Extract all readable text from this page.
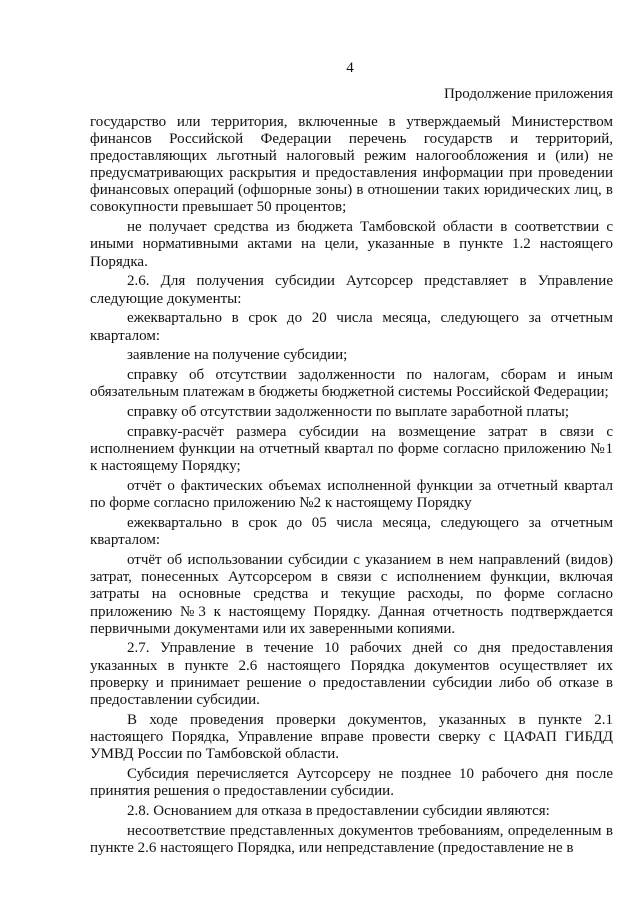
4
Продолжение приложения

государство или территория, включенные в утверждаемый Министерством финансов Российской Федерации перечень государств и территорий, предоставляющих льготный налоговый режим налогообложения и (или) не предусматривающих раскрытия и предоставления информации при проведении финансовых операций (офшорные зоны) в отношении таких юридических лиц, в совокупности превышает 50 процентов;

не получает средства из бюджета Тамбовской области в соответствии с иными нормативными актами на цели, указанные в пункте 1.2 настоящего Порядка.

2.6. Для получения субсидии Аутсорсер представляет в Управление следующие документы:

ежеквартально в срок до 20 числа месяца, следующего за отчетным кварталом:

заявление на получение субсидии;

справку об отсутствии задолженности по налогам, сборам и иным обязательным платежам в бюджеты бюджетной системы Российской Федерации;

справку об отсутствии задолженности по выплате заработной платы;

справку-расчёт размера субсидии на возмещение затрат в связи с исполнением функции на отчетный квартал по форме согласно приложению №1 к настоящему Порядку;

отчёт о фактических объемах исполненной функции за отчетный квартал по форме согласно приложению №2 к настоящему Порядку

ежеквартально в срок до 05 числа месяца, следующего за отчетным кварталом:

отчёт об использовании субсидии с указанием в нем направлений (видов) затрат, понесенных Аутсорсером в связи с исполнением функции, включая затраты на основные средства и текущие расходы, по форме согласно приложению №3 к настоящему Порядку. Данная отчетность подтверждается первичными документами или их заверенными копиями.

2.7. Управление в течение 10 рабочих дней со дня предоставления указанных в пункте 2.6 настоящего Порядка документов осуществляет их проверку и принимает решение о предоставлении субсидии либо об отказе в предоставлении субсидии.

В ходе проведения проверки документов, указанных в пункте 2.1 настоящего Порядка, Управление вправе провести сверку с ЦАФАП ГИБДД УМВД России по Тамбовской области.

Субсидия перечисляется Аутсорсеру не позднее 10 рабочего дня после принятия решения о предоставлении субсидии.

2.8. Основанием для отказа в предоставлении субсидии являются:

несоответствие представленных документов требованиям, определенным в пункте 2.6 настоящего Порядка, или непредставление (предоставление не в
